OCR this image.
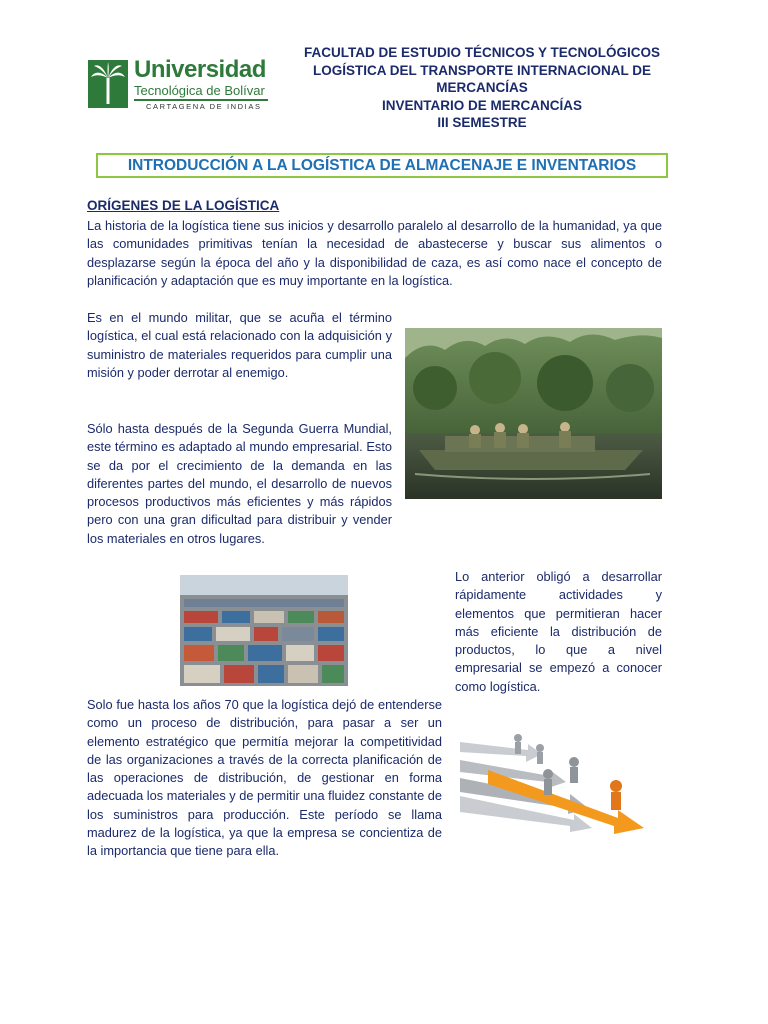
Universidad
Tecnológica de Bolívar
CARTAGENA DE INDIAS
FACULTAD DE ESTUDIO TÉCNICOS Y TECNOLÓGICOS
LOGÍSTICA DEL TRANSPORTE INTERNACIONAL DE
MERCANCÍAS
INVENTARIO DE MERCANCÍAS
III SEMESTRE
INTRODUCCIÓN A LA LOGÍSTICA DE ALMACENAJE E INVENTARIOS
ORÍGENES DE LA LOGÍSTICA

La historia de la logística tiene sus inicios y desarrollo paralelo al desarrollo de la humanidad, ya que las comunidades primitivas tenían la necesidad de abastecerse y buscar sus alimentos o desplazarse según la época del año y la disponibilidad de caza, es así como nace el concepto de planificación y adaptación que es muy importante en la logística.

Es en el mundo militar, que se acuña el término logística, el cual está relacionado con la adquisición y suministro de materiales requeridos para cumplir una misión y poder derrotar al enemigo.

Sólo hasta después de la Segunda Guerra Mundial, este término es adaptado al mundo empresarial. Esto se da por el crecimiento de la demanda en las diferentes partes del mundo, el desarrollo de nuevos procesos productivos más eficientes y más rápidos pero con una gran dificultad para distribuir y vender los materiales en otros lugares.

Lo anterior obligó a desarrollar rápidamente actividades y elementos que permitieran hacer más eficiente la distribución de productos, lo que a nivel empresarial se empezó a conocer como logística.

Solo fue hasta los años 70 que la logística dejó de entenderse como un proceso de distribución, para pasar a ser un elemento estratégico que permitía mejorar la competitividad de las organizaciones a través de la correcta planificación de las operaciones de distribución, de gestionar en forma adecuada los materiales y de permitir una fluidez constante de los suministros para producción. Este período se llama madurez de la logística, ya que la empresa se concientiza de la importancia que tiene para ella.
